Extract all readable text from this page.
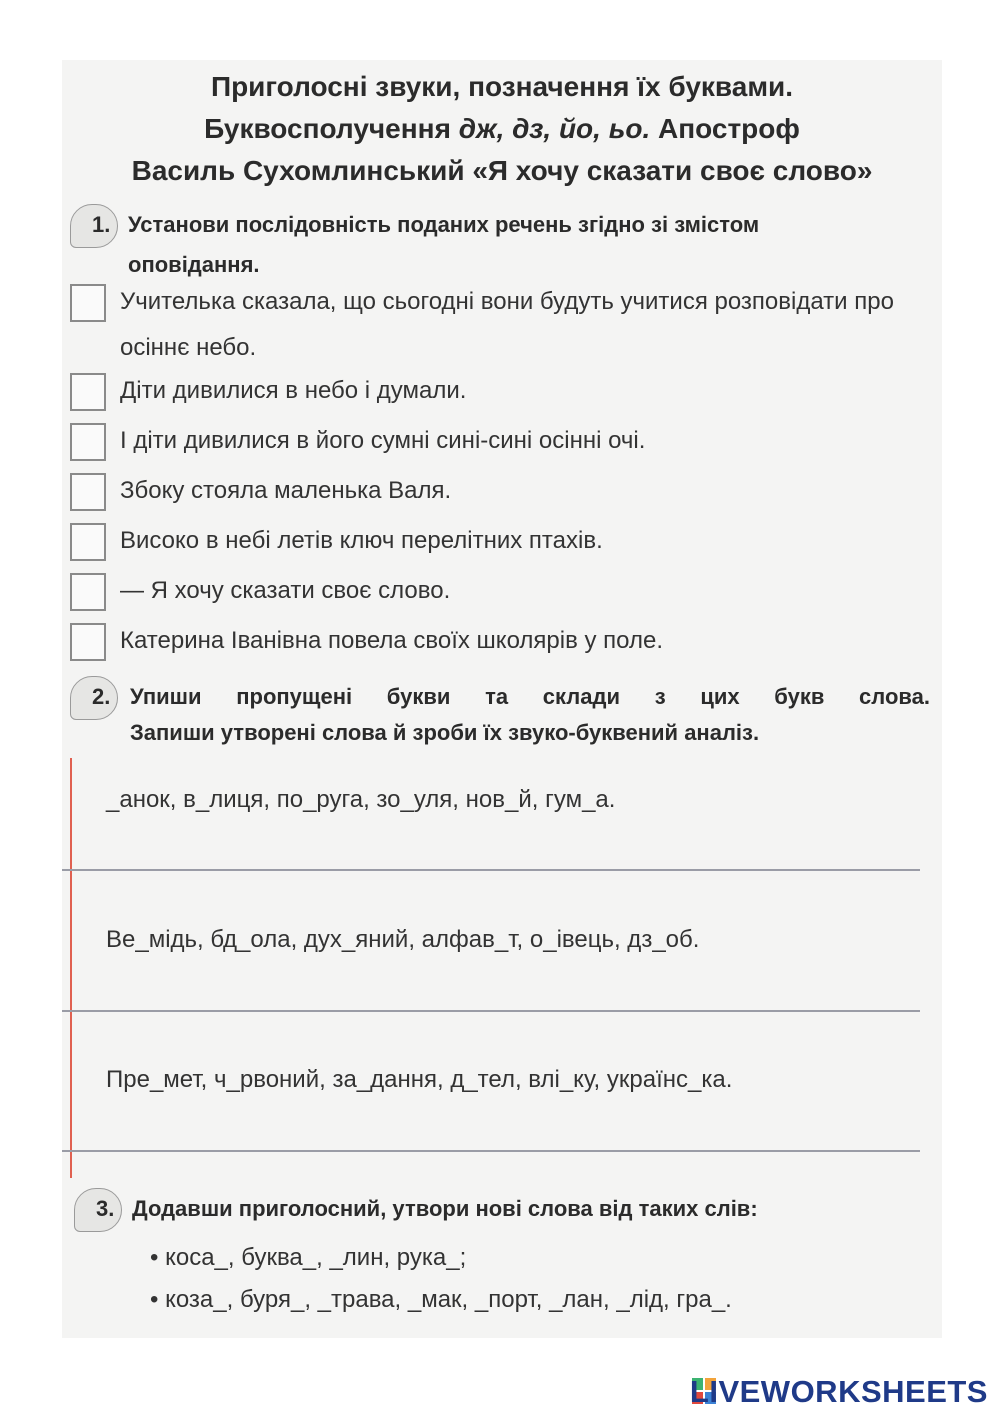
Приголосні звуки, позначення їх буквами.
Буквосполучення дж, дз, йо, ьо. Апостроф
Василь Сухомлинський «Я хочу сказати своє слово»
1. Установи послідовність поданих речень згідно зі змістом
оповідання.
Учителька сказала, що сьогодні вони будуть учитися розповідати про осіннє небо.
Діти дивилися в небо і думали.
І діти дивилися в його сумні сині-сині осінні очі.
Збоку стояла маленька Валя.
Високо в небі летів ключ перелітних птахів.
— Я хочу сказати своє слово.
Катерина Іванівна повела своїх школярів у поле.
2. Упиши пропущені букви та склади з цих букв слова.
Запиши утворені слова й зроби їх звуко-буквений аналіз.
_анок, в_лиця, по_руга, зо_уля, нов_й, гум_а.
Ве_мідь, бд_ола, дух_яний, алфав_т, о_івець, дз_об.
Пре_мет, ч_рвоний, за_дання, д_тел, влі_ку, українс_ка.
3. Додавши приголосний, утвори нові слова від таких слів:
• коса_, буква_, _лин, рука_;
• коза_, буря_, _трава, _мак, _порт, _лан, _лід, гра_.
LIVEWORKSHEETS
